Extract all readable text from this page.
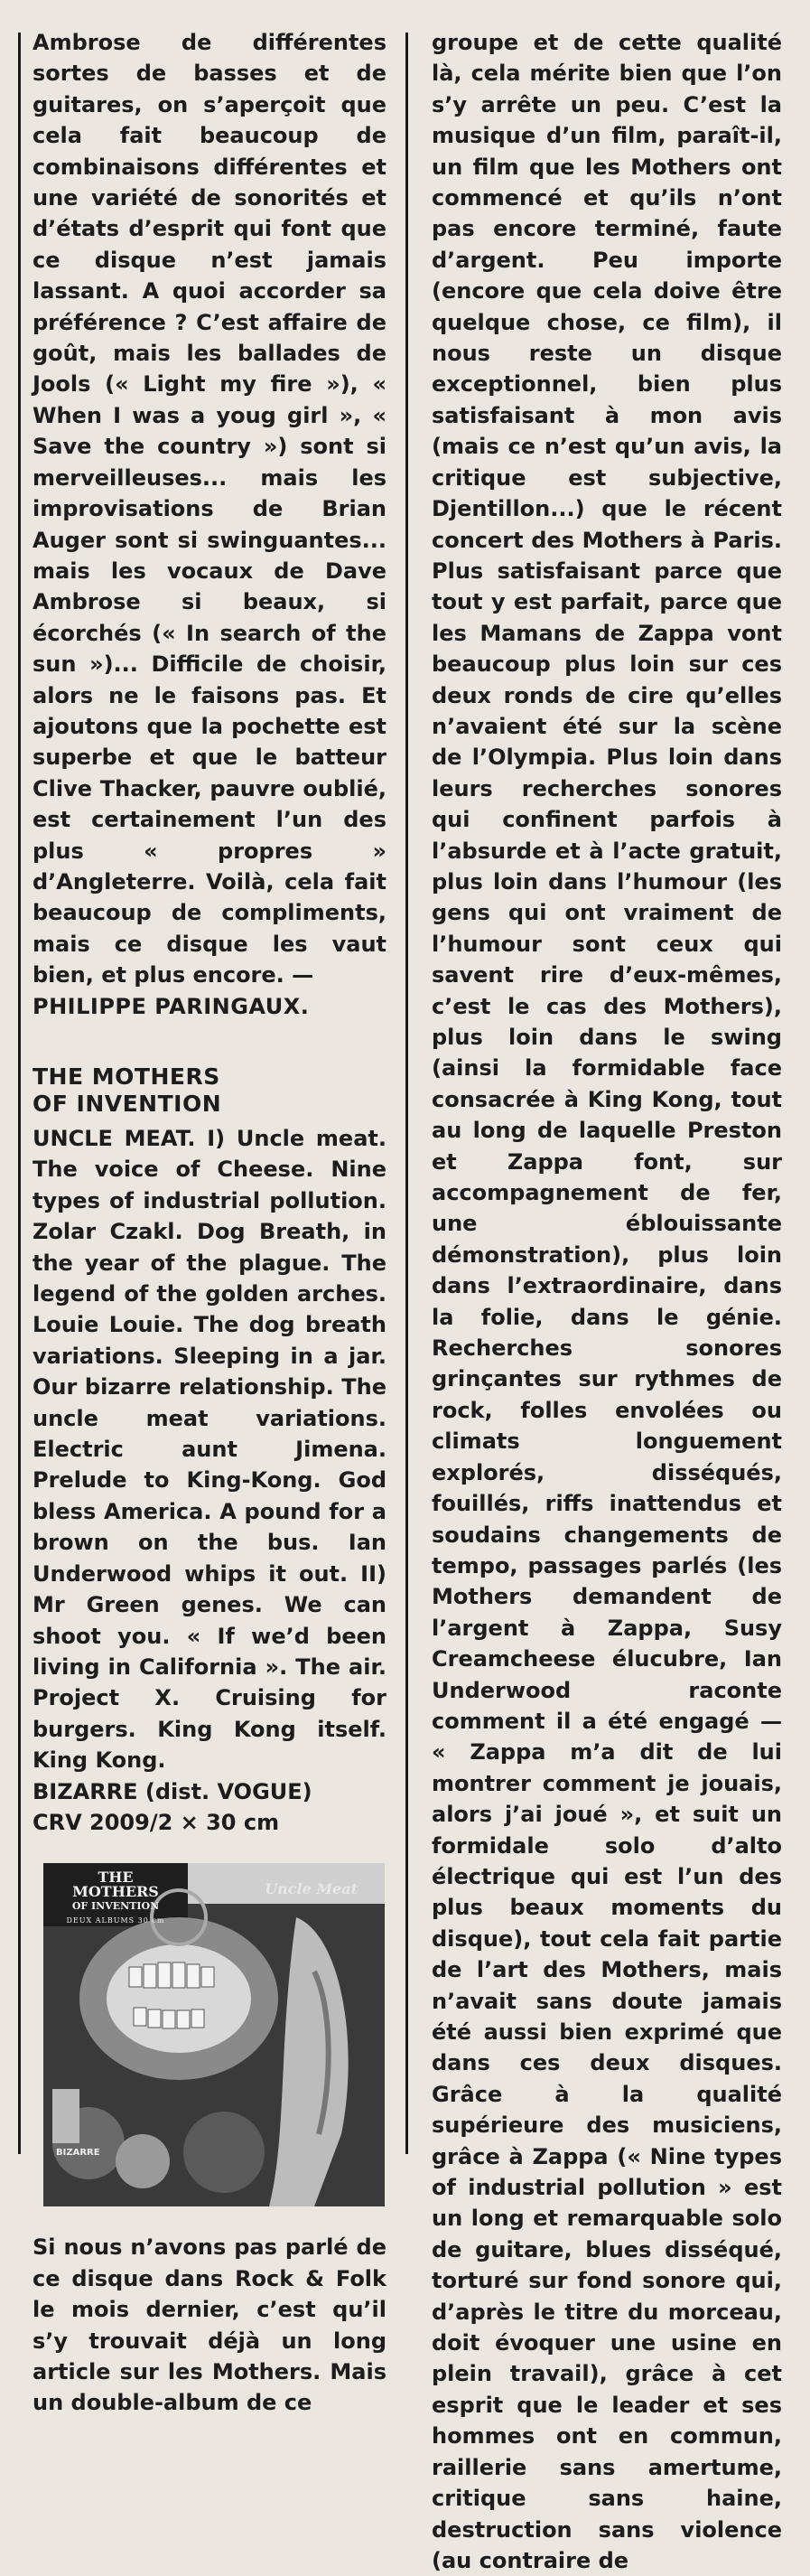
Ambrose de différentes sortes de basses et de guitares, on s’aperçoit que cela fait beaucoup de combinaisons différentes et une variété de sonorités et d’états d’esprit qui font que ce disque n’est jamais lassant. A quoi accorder sa préférence ? C’est affaire de goût, mais les ballades de Jools (« Light my fire »), « When I was a youg girl », « Save the country ») sont si merveilleuses... mais les improvisations de Brian Auger sont si swinguantes... mais les vocaux de Dave Ambrose si beaux, si écorchés (« In search of the sun »)... Difficile de choisir, alors ne le faisons pas. Et ajoutons que la pochette est superbe et que le batteur Clive Thacker, pauvre oublié, est certainement l’un des plus « propres » d’Angleterre. Voilà, cela fait beaucoup de compliments, mais ce disque les vaut bien, et plus encore. —

PHILIPPE PARINGAUX.

THE MOTHERS
OF INVENTION

UNCLE MEAT. I) Uncle meat. The voice of Cheese. Nine types of industrial pollution. Zolar Czakl. Dog Breath, in the year of the plague. The legend of the golden arches. Louie Louie. The dog breath variations. Sleeping in a jar. Our bizarre relationship. The uncle meat variations. Electric aunt Jimena. Prelude to King-Kong. God bless America. A pound for a brown on the bus. Ian Underwood whips it out. II) Mr Green genes. We can shoot you. « If we’d been living in California ». The air. Project X. Cruising for burgers. King Kong itself. King Kong.

BIZARRE (dist. VOGUE)
CRV 2009/2 × 30 cm
THE
MOTHERS
OF INVENTION
DEUX ALBUMS 30 cm
Uncle Meat
BIZARRE

Si nous n’avons pas parlé de ce disque dans Rock & Folk le mois dernier, c’est qu’il s’y trouvait déjà un long article sur les Mothers. Mais un double-album de ce

groupe et de cette qualité là, cela mérite bien que l’on s’y arrête un peu. C’est la musique d’un film, paraît-il, un film que les Mothers ont commencé et qu’ils n’ont pas encore terminé, faute d’argent. Peu importe (encore que cela doive être quelque chose, ce film), il nous reste un disque exceptionnel, bien plus satisfaisant à mon avis (mais ce n’est qu’un avis, la critique est subjective, Djentillon...) que le récent concert des Mothers à Paris. Plus satisfaisant parce que tout y est parfait, parce que les Mamans de Zappa vont beaucoup plus loin sur ces deux ronds de cire qu’elles n’avaient été sur la scène de l’Olympia. Plus loin dans leurs recherches sonores qui confinent parfois à l’absurde et à l’acte gratuit, plus loin dans l’humour (les gens qui ont vraiment de l’humour sont ceux qui savent rire d’eux-mêmes, c’est le cas des Mothers), plus loin dans le swing (ainsi la formidable face consacrée à King Kong, tout au long de laquelle Preston et Zappa font, sur accompagnement de fer, une éblouissante démonstration), plus loin dans l’extraordinaire, dans la folie, dans le génie. Recherches sonores grinçantes sur rythmes de rock, folles envolées ou climats longuement explorés, disséqués, fouillés, riffs inattendus et soudains changements de tempo, passages parlés (les Mothers demandent de l’argent à Zappa, Susy Creamcheese élucubre, Ian Underwood raconte comment il a été engagé — « Zappa m’a dit de lui montrer comment je jouais, alors j’ai joué », et suit un formidale solo d’alto électrique qui est l’un des plus beaux moments du disque), tout cela fait partie de l’art des Mothers, mais n’avait sans doute jamais été aussi bien exprimé que dans ces deux disques. Grâce à la qualité supérieure des musiciens, grâce à Zappa (« Nine types of industrial pollution » est un long et remarquable solo de guitare, blues disséqué, torturé sur fond sonore qui, d’après le titre du morceau, doit évoquer une usine en plein travail), grâce à cet esprit que le leader et ses hommes ont en commun, raillerie sans amertume, critique sans haine, destruction sans violence (au contraire de
